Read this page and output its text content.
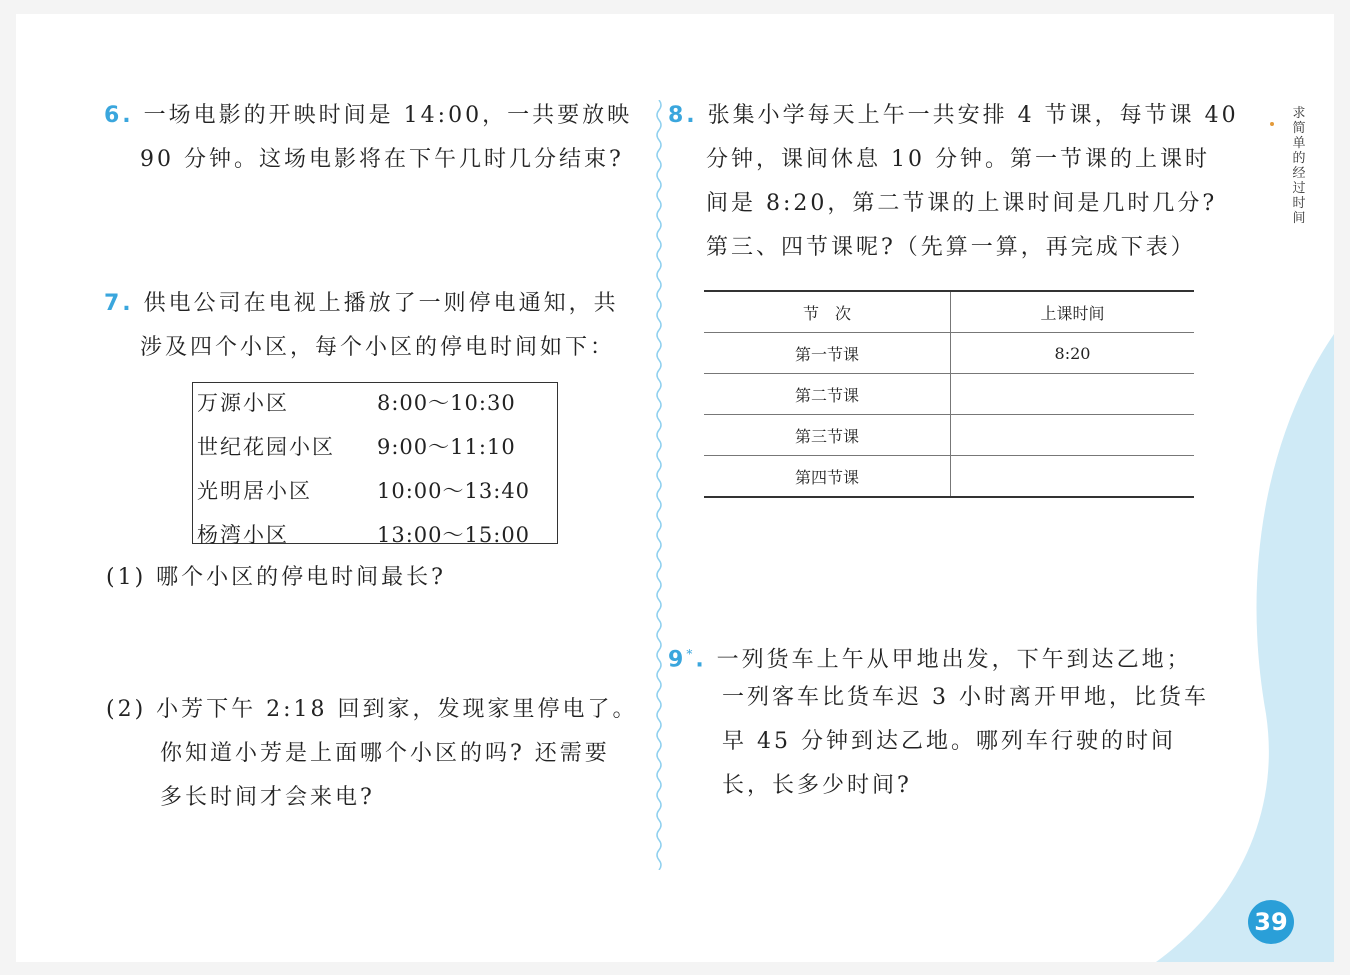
6. 一场电影的开映时间是 14:00，一共要放映
90 分钟。这场电影将在下午几时几分结束?
7. 供电公司在电视上播放了一则停电通知，共
涉及四个小区，每个小区的停电时间如下：
万源小区	8:00～10:30
世纪花园小区	9:00～11:10
光明居小区	10:00～13:40
杨湾小区	13:00～15:00
(1) 哪个小区的停电时间最长?
(2) 小芳下午 2:18 回到家，发现家里停电了。
你知道小芳是上面哪个小区的吗? 还需要
多长时间才会来电?
8. 张集小学每天上午一共安排 4 节课，每节课 40
分钟，课间休息 10 分钟。第一节课的上课时
间是 8:20，第二节课的上课时间是几时几分?
第三、四节课呢?（先算一算，再完成下表）
节　次	上课时间
第一节课	8:20
第二节课	
第三节课	
第四节课	
9*. 一列货车上午从甲地出发，下午到达乙地；
一列客车比货车迟 3 小时离开甲地，比货车
早 45 分钟到达乙地。哪列车行驶的时间
长，长多少时间?
求简单的经过时间
39
